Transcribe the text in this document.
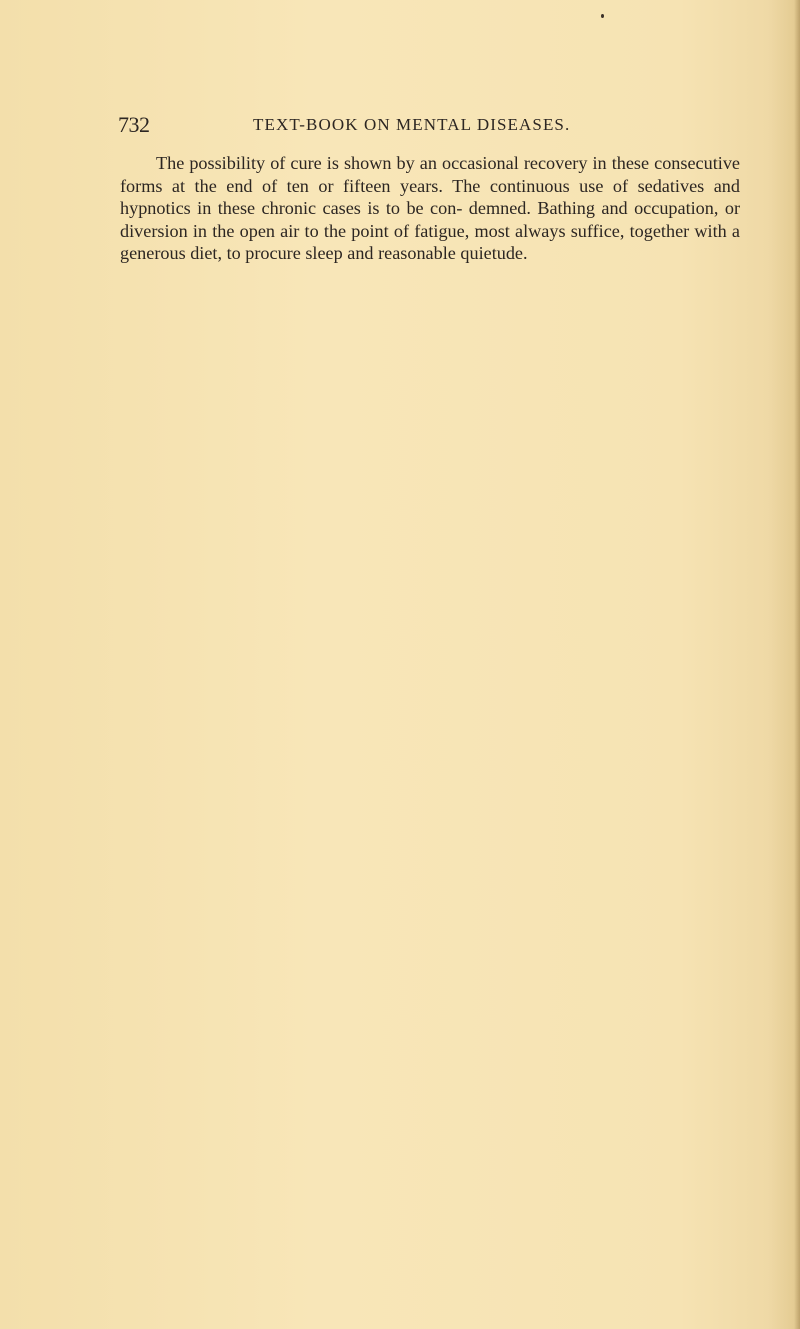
732	TEXT-BOOK ON MENTAL DISEASES.

The possibility of cure is shown by an occasional recovery in these consecutive forms at the end of ten or fifteen years. The continuous use of sedatives and hypnotics in these chronic cases is to be con- demned. Bathing and occupation, or diversion in the open air to the point of fatigue, most always suffice, together with a generous diet, to procure sleep and reasonable quietude.
